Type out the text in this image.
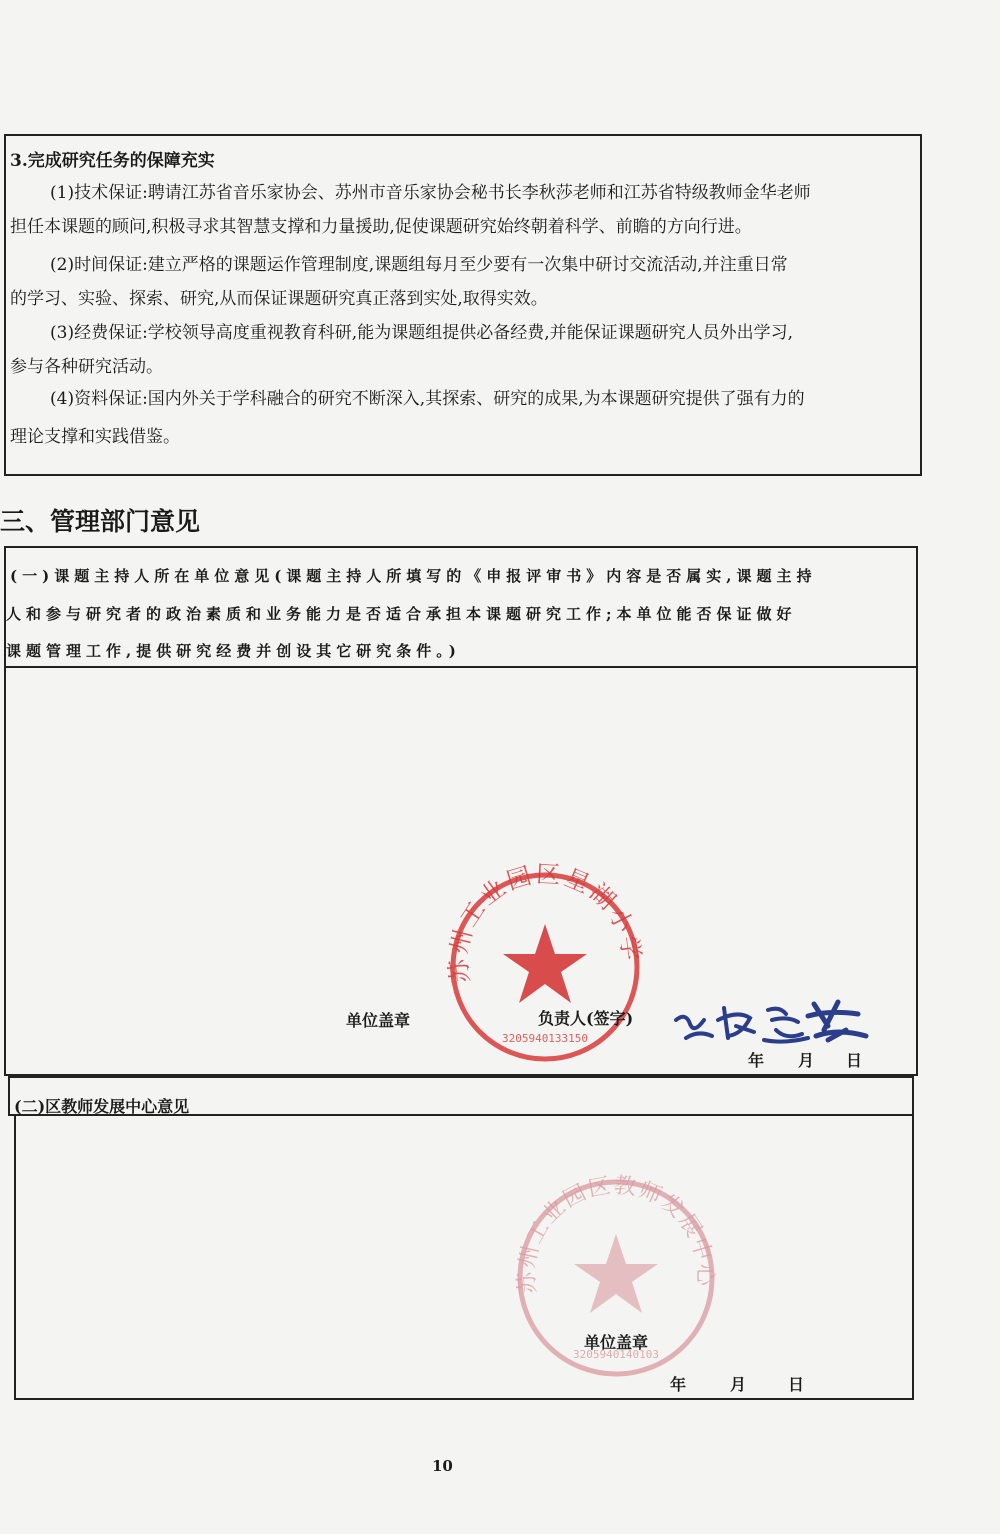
3.完成研究任务的保障充实
(1)技术保证:聘请江苏省音乐家协会、苏州市音乐家协会秘书长李秋莎老师和江苏省特级教师金华老师
担任本课题的顾问,积极寻求其智慧支撑和力量援助,促使课题研究始终朝着科学、前瞻的方向行进。
(2)时间保证:建立严格的课题运作管理制度,课题组每月至少要有一次集中研讨交流活动,并注重日常
的学习、实验、探索、研究,从而保证课题研究真正落到实处,取得实效。
(3)经费保证:学校领导高度重视教育科研,能为课题组提供必备经费,并能保证课题研究人员外出学习,
参与各种研究活动。
(4)资料保证:国内外关于学科融合的研究不断深入,其探索、研究的成果,为本课题研究提供了强有力的
理论支撑和实践借鉴。
三、管理部门意见
(一)课题主持人所在单位意见(课题主持人所填写的《申报评审书》内容是否属实,课题主持
人和参与研究者的政治素质和业务能力是否适合承担本课题研究工作;本单位能否保证做好
课题管理工作,提供研究经费并创设其它研究条件。)
苏州工业园区星湖小学
3205940133150
单位盖章	负责人(签字)
年 月 日
(二)区教师发展中心意见
苏州工业园区教师发展中心
3205940140103
单位盖章
年	月	日
10
